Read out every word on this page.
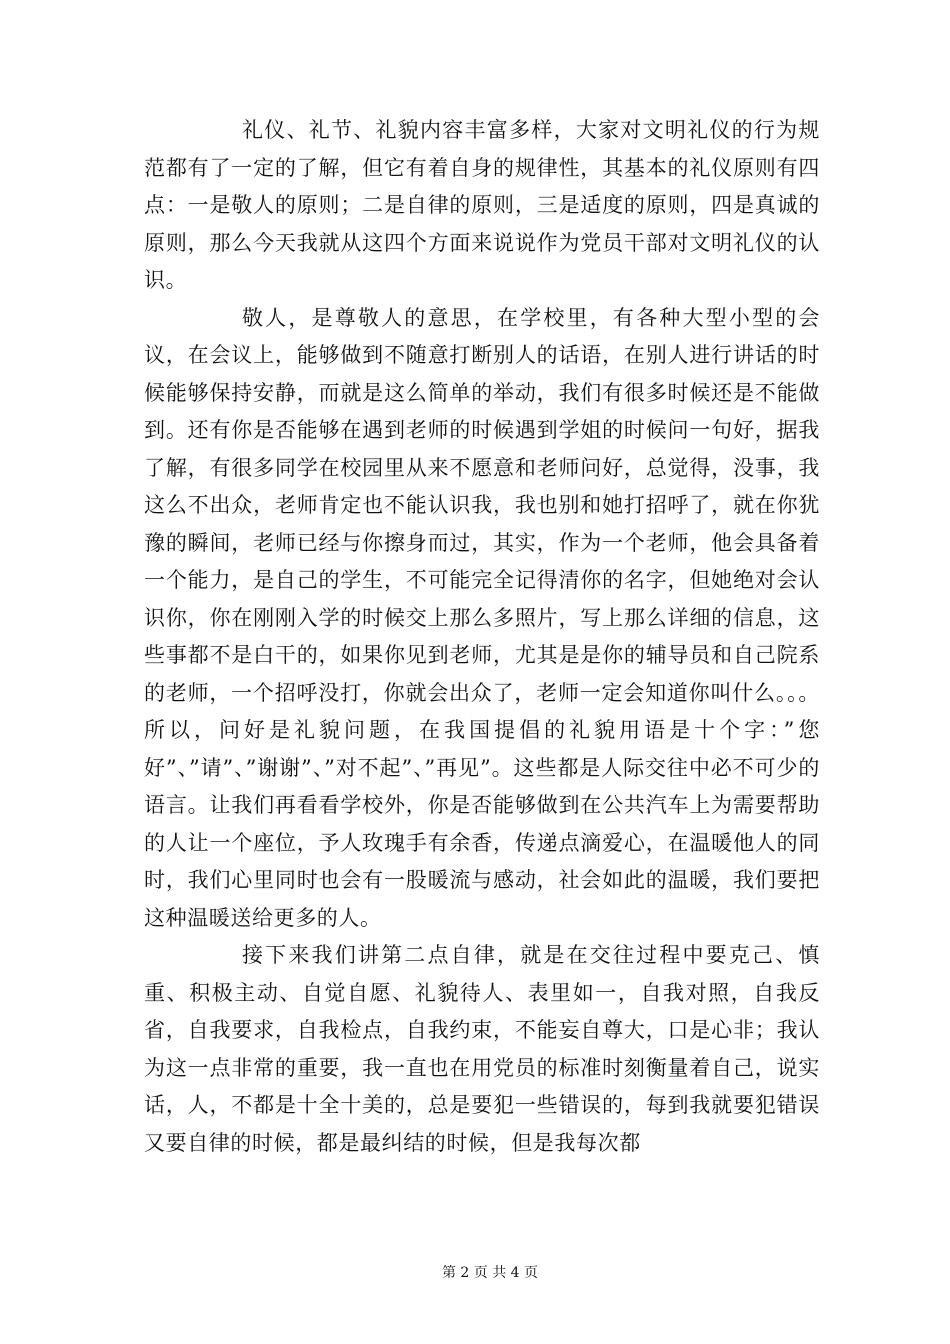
礼仪、礼节、礼貌内容丰富多样，大家对文明礼仪的行为规范都有了一定的了解，但它有着自身的规律性，其基本的礼仪原则有四点：一是敬人的原则；二是自律的原则，三是适度的原则，四是真诚的原则，那么今天我就从这四个方面来说说作为党员干部对文明礼仪的认识。

敬人，是尊敬人的意思，在学校里，有各种大型小型的会议，在会议上，能够做到不随意打断别人的话语，在别人进行讲话的时候能够保持安静，而就是这么简单的举动，我们有很多时候还是不能做到。还有你是否能够在遇到老师的时候遇到学姐的时候问一句好，据我了解，有很多同学在校园里从来不愿意和老师问好，总觉得，没事，我这么不出众，老师肯定也不能认识我，我也别和她打招呼了，就在你犹豫的瞬间，老师已经与你擦身而过，其实，作为一个老师，他会具备着一个能力，是自己的学生，不可能完全记得清你的名字，但她绝对会认识你，你在刚刚入学的时候交上那么多照片，写上那么详细的信息，这些事都不是白干的，如果你见到老师，尤其是是你的辅导员和自己院系的老师，一个招呼没打，你就会出众了，老师一定会知道你叫什么。。。所以，问好是礼貌问题，在我国提倡的礼貌用语是十个字：”您好”、”请”、”谢谢”、”对不起”、”再见”。这些都是人际交往中必不可少的语言。让我们再看看学校外，你是否能够做到在公共汽车上为需要帮助的人让一个座位，予人玫瑰手有余香，传递点滴爱心，在温暖他人的同时，我们心里同时也会有一股暖流与感动，社会如此的温暖，我们要把这种温暖送给更多的人。

接下来我们讲第二点自律，就是在交往过程中要克己、慎重、积极主动、自觉自愿、礼貌待人、表里如一，自我对照，自我反省，自我要求，自我检点，自我约束，不能妄自尊大，口是心非；我认为这一点非常的重要，我一直也在用党员的标准时刻衡量着自己，说实话，人，不都是十全十美的，总是要犯一些错误的，每到我就要犯错误又要自律的时候，都是最纠结的时候，但是我每次都

第 2 页 共 4 页
